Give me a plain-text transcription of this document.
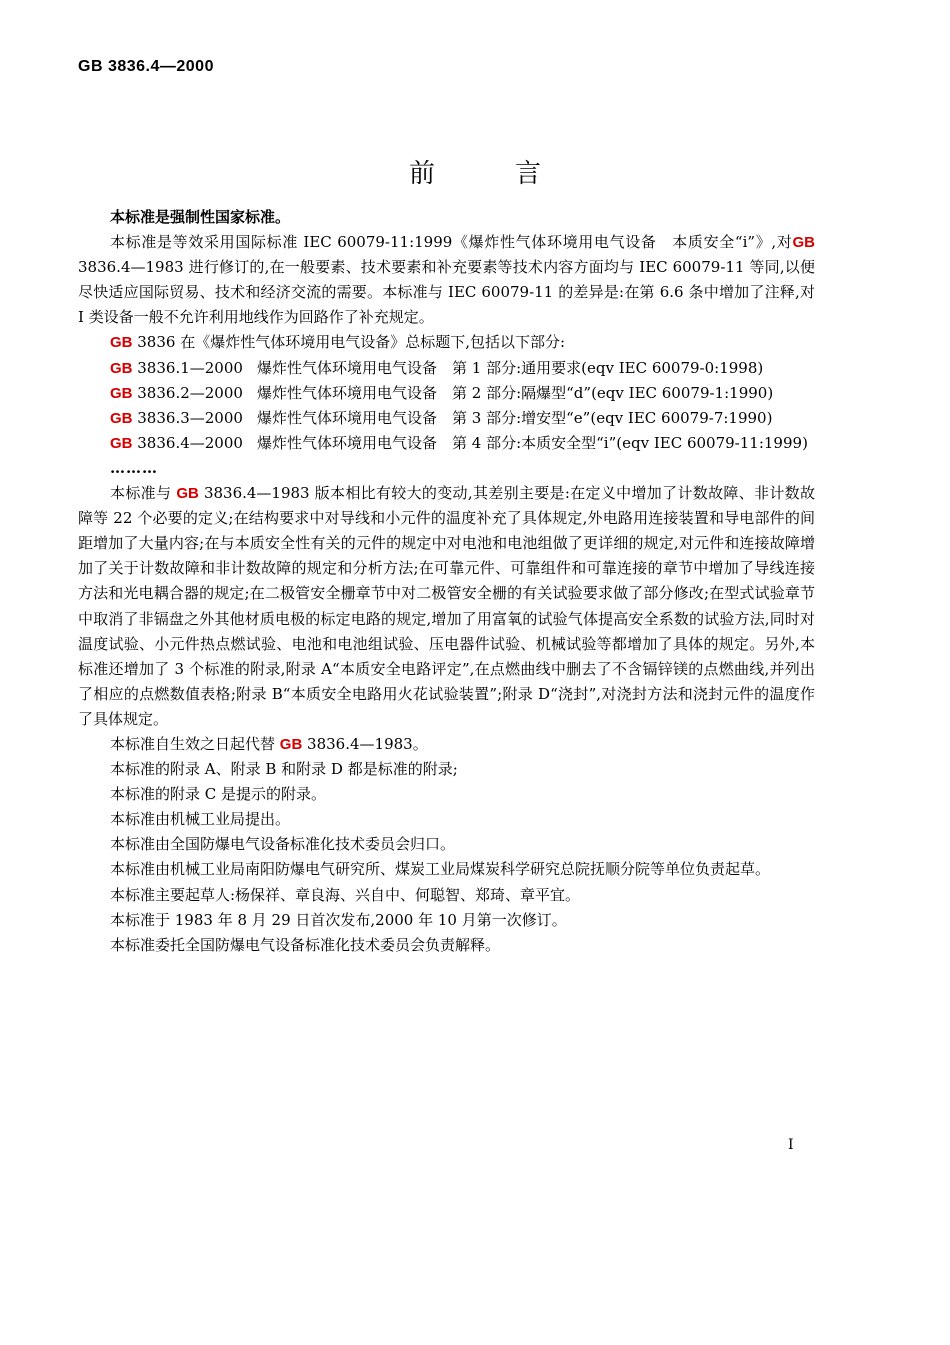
GB 3836.4—2000
前	言

本标准是强制性国家标准。

本标准是等效采用国际标准 IEC 60079-11:1999《爆炸性气体环境用电气设备　本质安全“i”》,对GB 3836.4—1983 进行修订的,在一般要素、技术要素和补充要素等技术内容方面均与 IEC 60079-11 等同,以便尽快适应国际贸易、技术和经济交流的需要。本标准与 IEC 60079-11 的差异是:在第 6.6 条中增加了注释,对 I 类设备一般不允许利用地线作为回路作了补充规定。

GB 3836 在《爆炸性气体环境用电气设备》总标题下,包括以下部分:

GB 3836.1—2000 爆炸性气体环境用电气设备　第 1 部分:通用要求(eqv IEC 60079-0:1998)
GB 3836.2—2000 爆炸性气体环境用电气设备　第 2 部分:隔爆型“d”(eqv IEC 60079-1:1990)
GB 3836.3—2000 爆炸性气体环境用电气设备　第 3 部分:增安型“e”(eqv IEC 60079-7:1990)
GB 3836.4—2000 爆炸性气体环境用电气设备　第 4 部分:本质安全型“i”(eqv IEC 60079-11:1999)
………

本标准与 GB 3836.4—1983 版本相比有较大的变动,其差别主要是:在定义中增加了计数故障、非计数故障等 22 个必要的定义;在结构要求中对导线和小元件的温度补充了具体规定,外电路用连接装置和导电部件的间距增加了大量内容;在与本质安全性有关的元件的规定中对电池和电池组做了更详细的规定,对元件和连接故障增加了关于计数故障和非计数故障的规定和分析方法;在可靠元件、可靠组件和可靠连接的章节中增加了导线连接方法和光电耦合器的规定;在二极管安全栅章节中对二极管安全栅的有关试验要求做了部分修改;在型式试验章节中取消了非镉盘之外其他材质电极的标定电路的规定,增加了用富氧的试验气体提高安全系数的试验方法,同时对温度试验、小元件热点燃试验、电池和电池组试验、压电器件试验、机械试验等都增加了具体的规定。另外,本标准还增加了 3 个标准的附录,附录 A“本质安全电路评定”,在点燃曲线中删去了不含镉锌镁的点燃曲线,并列出了相应的点燃数值表格;附录 B“本质安全电路用火花试验装置”;附录 D“浇封”,对浇封方法和浇封元件的温度作了具体规定。

本标准自生效之日起代替 GB 3836.4—1983。

本标准的附录 A、附录 B 和附录 D 都是标准的附录;

本标准的附录 C 是提示的附录。

本标准由机械工业局提出。

本标准由全国防爆电气设备标准化技术委员会归口。

本标准由机械工业局南阳防爆电气研究所、煤炭工业局煤炭科学研究总院抚顺分院等单位负责起草。

本标准主要起草人:杨保祥、章良海、兴自中、何聪智、郑琦、章平宜。

本标准于 1983 年 8 月 29 日首次发布,2000 年 10 月第一次修订。

本标准委托全国防爆电气设备标准化技术委员会负责解释。

I
